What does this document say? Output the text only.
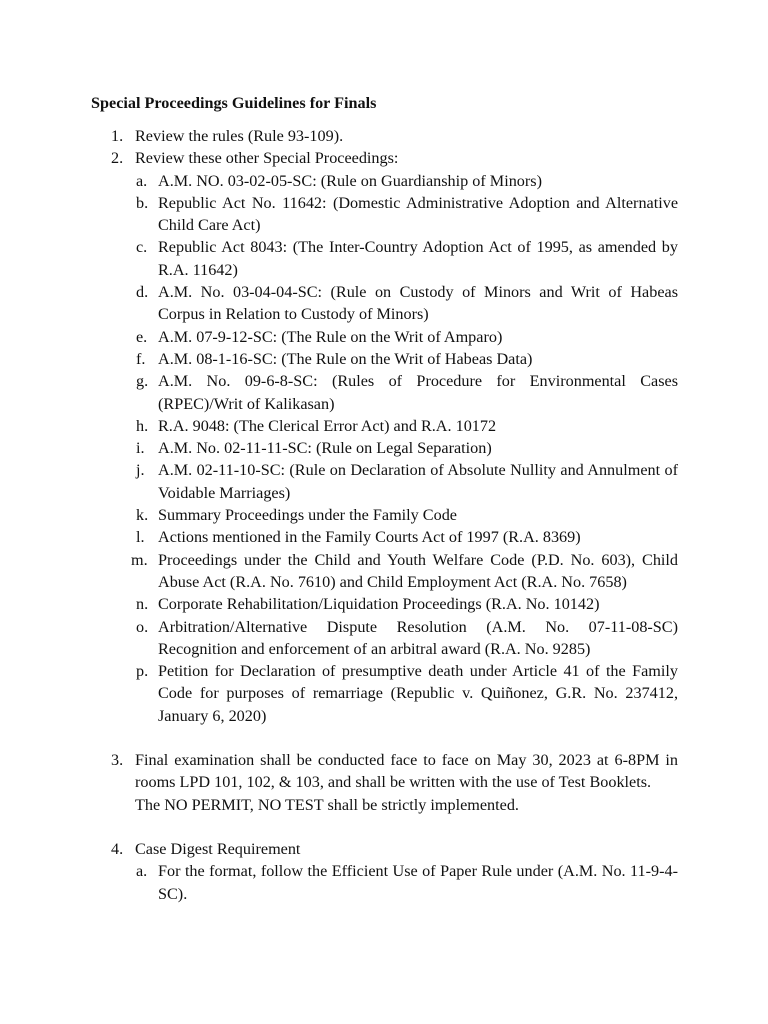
Special Proceedings Guidelines for Finals
1. Review the rules (Rule 93-109).
2. Review these other Special Proceedings:
a. A.M. NO. 03-02-05-SC: (Rule on Guardianship of Minors)
b. Republic Act No. 11642: (Domestic Administrative Adoption and Alternative Child Care Act)
c. Republic Act 8043: (The Inter-Country Adoption Act of 1995, as amended by R.A. 11642)
d. A.M. No. 03-04-04-SC: (Rule on Custody of Minors and Writ of Habeas Corpus in Relation to Custody of Minors)
e. A.M. 07-9-12-SC: (The Rule on the Writ of Amparo)
f. A.M. 08-1-16-SC: (The Rule on the Writ of Habeas Data)
g. A.M. No. 09-6-8-SC: (Rules of Procedure for Environmental Cases (RPEC)/Writ of Kalikasan)
h. R.A. 9048: (The Clerical Error Act) and R.A. 10172
i. A.M. No. 02-11-11-SC: (Rule on Legal Separation)
j. A.M. 02-11-10-SC: (Rule on Declaration of Absolute Nullity and Annulment of Voidable Marriages)
k. Summary Proceedings under the Family Code
l. Actions mentioned in the Family Courts Act of 1997 (R.A. 8369)
m. Proceedings under the Child and Youth Welfare Code (P.D. No. 603), Child Abuse Act (R.A. No. 7610) and Child Employment Act (R.A. No. 7658)
n. Corporate Rehabilitation/Liquidation Proceedings (R.A. No. 10142)
o. Arbitration/Alternative Dispute Resolution (A.M. No. 07-11-08-SC) Recognition and enforcement of an arbitral award (R.A. No. 9285)
p. Petition for Declaration of presumptive death under Article 41 of the Family Code for purposes of remarriage (Republic v. Quiñonez, G.R. No. 237412, January 6, 2020)
3. Final examination shall be conducted face to face on May 30, 2023 at 6-8PM in rooms LPD 101, 102, & 103, and shall be written with the use of Test Booklets.
The NO PERMIT, NO TEST shall be strictly implemented.
4. Case Digest Requirement
a. For the format, follow the Efficient Use of Paper Rule under (A.M. No. 11-9-4-SC).
